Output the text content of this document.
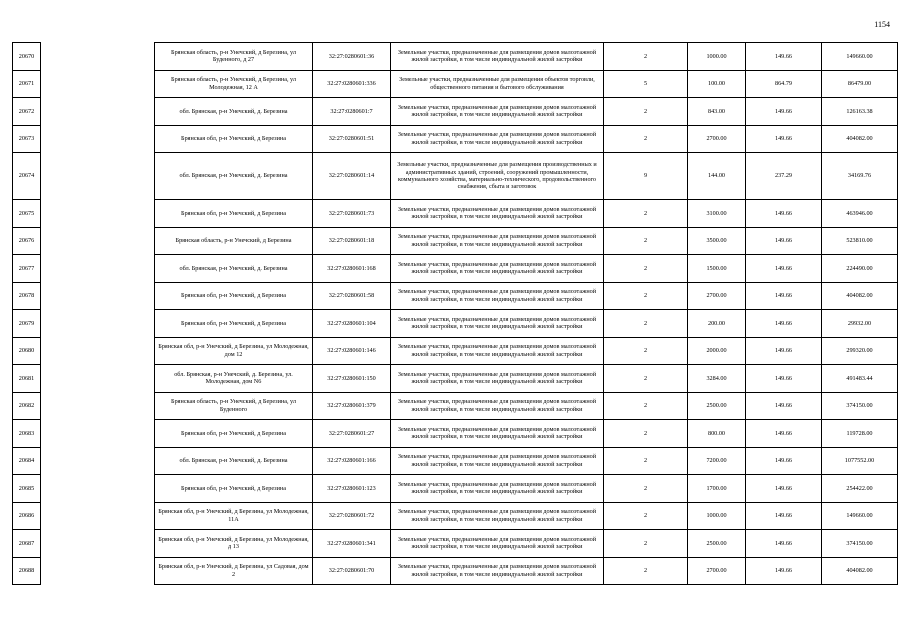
1154
20670		Брянская область, р-н Унечский, д Березина, ул Буденного, д 27	32:27:0280601:36	Земельные участки, предназначенные для размещения домов малоэтажной жилой застройки, в том числе индивидуальной жилой застройки	2	1000.00	149.66	149660.00
20671		Брянская область, р-н Унечский, д Березина, ул Молодежная, 12 А	32:27:0280601:336	Земельные участки, предназначенные для размещения объектов торговли, общественного питания и бытового обслуживания	5	100.00	864.79	86479.00
20672		обл. Брянская, р-н Унечский, д. Березина	32:27:0280601:7	Земельные участки, предназначенные для размещения домов малоэтажной жилой застройки, в том числе индивидуальной жилой застройки	2	843.00	149.66	126163.38
20673		Брянская обл, р-н Унечский, д Березина	32:27:0280601:51	Земельные участки, предназначенные для размещения домов малоэтажной жилой застройки, в том числе индивидуальной жилой застройки	2	2700.00	149.66	404082.00
20674		обл. Брянская, р-н Унечский, д. Березина	32:27:0280601:14	Земельные участки, предназначенные для размещения производственных и административных зданий, строений, сооружений промышленности, коммунального хозяйства, материально-технического, продовольственного снабжения, сбыта и заготовок	9	144.00	237.29	34169.76
20675		Брянская обл, р-н Унечский, д Березина	32:27:0280601:73	Земельные участки, предназначенные для размещения домов малоэтажной жилой застройки, в том числе индивидуальной жилой застройки	2	3100.00	149.66	463946.00
20676		Брянская область, р-н Унечский, д Березина	32:27:0280601:18	Земельные участки, предназначенные для размещения домов малоэтажной жилой застройки, в том числе индивидуальной жилой застройки	2	3500.00	149.66	523810.00
20677		обл. Брянская, р-н Унечский, д. Березина	32:27:0280601:168	Земельные участки, предназначенные для размещения домов малоэтажной жилой застройки, в том числе индивидуальной жилой застройки	2	1500.00	149.66	224490.00
20678		Брянская обл, р-н Унечский, д Березина	32:27:0280601:58	Земельные участки, предназначенные для размещения домов малоэтажной жилой застройки, в том числе индивидуальной жилой застройки	2	2700.00	149.66	404082.00
20679		Брянская обл, р-н Унечский, д Березина	32:27:0280601:104	Земельные участки, предназначенные для размещения домов малоэтажной жилой застройки, в том числе индивидуальной жилой застройки	2	200.00	149.66	29932.00
20680		Брянская обл, р-н Унечский, д Березина, ул Молодежная, дом 12	32:27:0280601:146	Земельные участки, предназначенные для размещения домов малоэтажной жилой застройки, в том числе индивидуальной жилой застройки	2	2000.00	149.66	299320.00
20681		обл. Брянская, р-н Унечский, д. Березина, ул. Молодежная, дом N6	32:27:0280601:150	Земельные участки, предназначенные для размещения домов малоэтажной жилой застройки, в том числе индивидуальной жилой застройки	2	3284.00	149.66	491483.44
20682		Брянская область, р-н Унечский, д Березина, ул Буденного	32:27:0280601:379	Земельные участки, предназначенные для размещения домов малоэтажной жилой застройки, в том числе индивидуальной жилой застройки	2	2500.00	149.66	374150.00
20683		Брянская обл, р-н Унечский, д Березина	32:27:0280601:27	Земельные участки, предназначенные для размещения домов малоэтажной жилой застройки, в том числе индивидуальной жилой застройки	2	800.00	149.66	119728.00
20684		обл. Брянская, р-н Унечский, д. Березина	32:27:0280601:166	Земельные участки, предназначенные для размещения домов малоэтажной жилой застройки, в том числе индивидуальной жилой застройки	2	7200.00	149.66	1077552.00
20685		Брянская обл, р-н Унечский, д Березина	32:27:0280601:123	Земельные участки, предназначенные для размещения домов малоэтажной жилой застройки, в том числе индивидуальной жилой застройки	2	1700.00	149.66	254422.00
20686		Брянская обл, р-н Унечский, д Березина, ул Молодежная, 11А	32:27:0280601:72	Земельные участки, предназначенные для размещения домов малоэтажной жилой застройки, в том числе индивидуальной жилой застройки	2	1000.00	149.66	149660.00
20687		Брянская обл, р-н Унечский, д Березина, ул Молодежная, д 13	32:27:0280601:341	Земельные участки, предназначенные для размещения домов малоэтажной жилой застройки, в том числе индивидуальной жилой застройки	2	2500.00	149.66	374150.00
20688		Брянская обл, р-н Унечский, д Березина, ул Садовая, дом 2	32:27:0280601:70	Земельные участки, предназначенные для размещения домов малоэтажной жилой застройки, в том числе индивидуальной жилой застройки	2	2700.00	149.66	404082.00
